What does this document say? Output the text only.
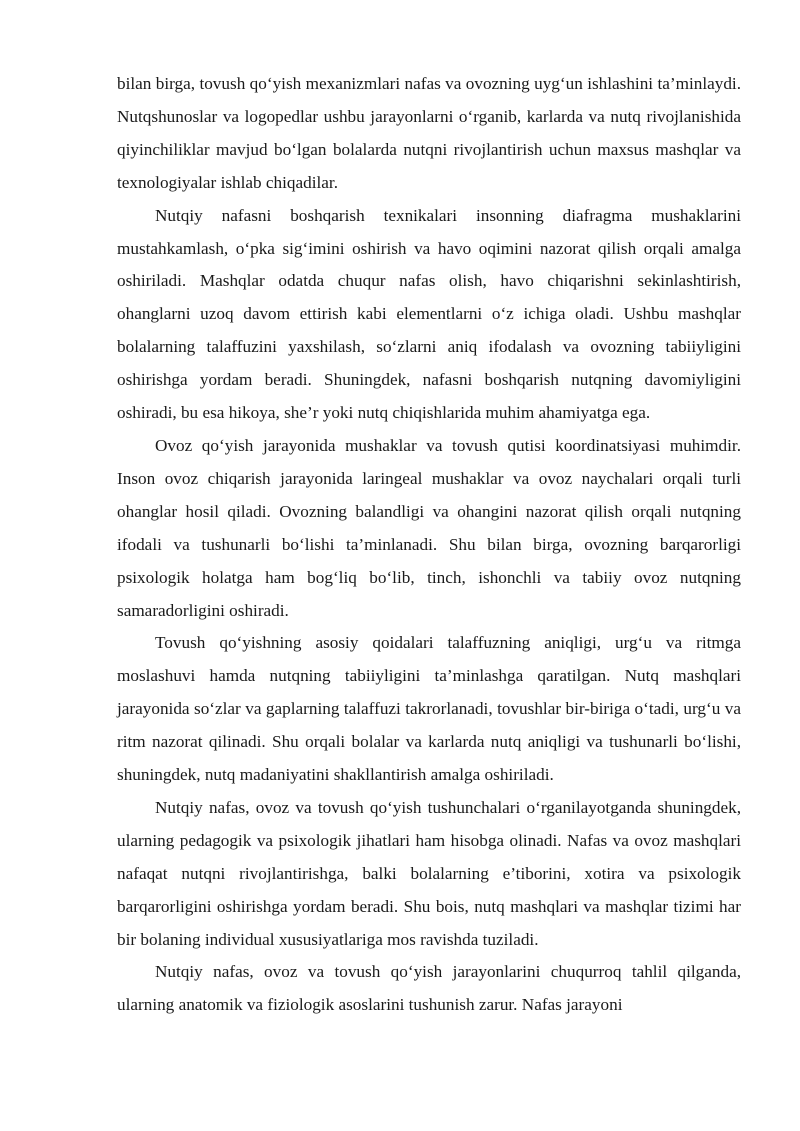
bilan birga, tovush qo‘yish mexanizmlari nafas va ovozning uyg‘un ishlashini ta’minlaydi. Nutqshunoslar va logopedlar ushbu jarayonlarni o‘rganib, karlarda va nutq rivojlanishida qiyinchiliklar mavjud bo‘lgan bolalarda nutqni rivojlantirish uchun maxsus mashqlar va texnologiyalar ishlab chiqadilar.

Nutqiy nafasni boshqarish texnikalari insonning diafragma mushaklarini mustahkamlash, o‘pka sig‘imini oshirish va havo oqimini nazorat qilish orqali amalga oshiriladi. Mashqlar odatda chuqur nafas olish, havo chiqarishni sekinlashtirish, ohanglarni uzoq davom ettirish kabi elementlarni o‘z ichiga oladi. Ushbu mashqlar bolalarning talaffuzini yaxshilash, so‘zlarni aniq ifodalash va ovozning tabiiyligini oshirishga yordam beradi. Shuningdek, nafasni boshqarish nutqning davomiyligini oshiradi, bu esa hikoya, she’r yoki nutq chiqishlarida muhim ahamiyatga ega.

Ovoz qo‘yish jarayonida mushaklar va tovush qutisi koordinatsiyasi muhimdir. Inson ovoz chiqarish jarayonida laringeal mushaklar va ovoz naychalari orqali turli ohanglar hosil qiladi. Ovozning balandligi va ohangini nazorat qilish orqali nutqning ifodali va tushunarli bo‘lishi ta’minlanadi. Shu bilan birga, ovozning barqarorligi psixologik holatga ham bog‘liq bo‘lib, tinch, ishonchli va tabiiy ovoz nutqning samaradorligini oshiradi.

Tovush qo‘yishning asosiy qoidalari talaffuzning aniqligi, urg‘u va ritmga moslashuvi hamda nutqning tabiiyligini ta’minlashga qaratilgan. Nutq mashqlari jarayonida so‘zlar va gaplarning talaffuzi takrorlanadi, tovushlar bir-biriga o‘tadi, urg‘u va ritm nazorat qilinadi. Shu orqali bolalar va karlarda nutq aniqligi va tushunarli bo‘lishi, shuningdek, nutq madaniyatini shakllantirish amalga oshiriladi.

Nutqiy nafas, ovoz va tovush qo‘yish tushunchalari o‘rganilayotganda shuningdek, ularning pedagogik va psixologik jihatlari ham hisobga olinadi. Nafas va ovoz mashqlari nafaqat nutqni rivojlantirishga, balki bolalarning e’tiborini, xotira va psixologik barqarorligini oshirishga yordam beradi. Shu bois, nutq mashqlari va mashqlar tizimi har bir bolaning individual xususiyatlariga mos ravishda tuziladi.

Nutqiy nafas, ovoz va tovush qo‘yish jarayonlarini chuqurroq tahlil qilganda, ularning anatomik va fiziologik asoslarini tushunish zarur. Nafas jarayoni
